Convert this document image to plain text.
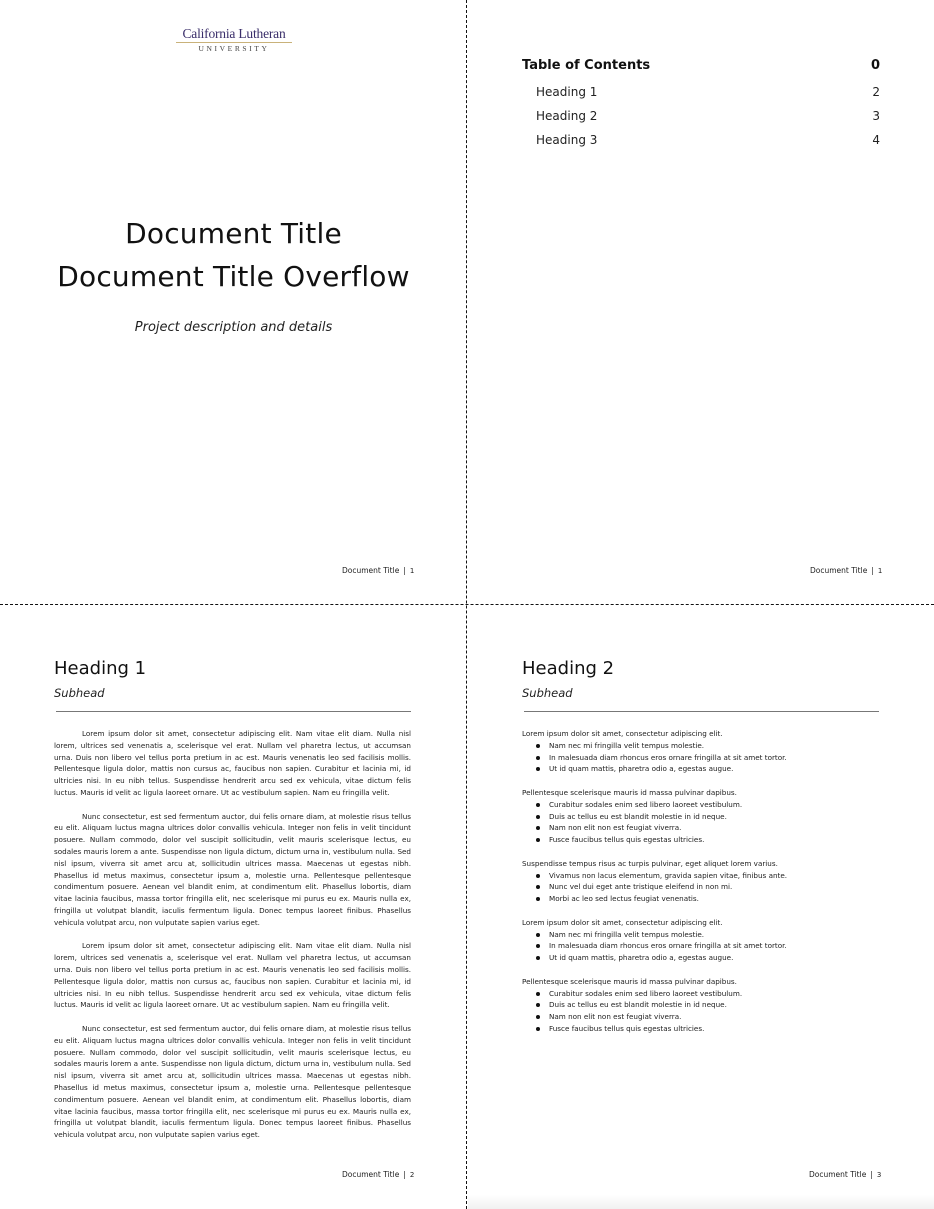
California Lutheran
UNIVERSITY
Document Title
Document Title Overflow
Project description and details
Document Title | 1
Table of Contents	0
Heading 1	2
Heading 2	3
Heading 3	4
Document Title | 1
Heading 1
Subhead

Lorem ipsum dolor sit amet, consectetur adipiscing elit. Nam vitae elit diam. Nulla nisl lorem, ultrices sed venenatis a, scelerisque vel erat. Nullam vel pharetra lectus, ut accumsan urna. Duis non libero vel tellus porta pretium in ac est. Mauris venenatis leo sed facilisis mollis. Pellentesque ligula dolor, mattis non cursus ac, faucibus non sapien. Curabitur et lacinia mi, id ultricies nisi. In eu nibh tellus. Suspendisse hendrerit arcu sed ex vehicula, vitae dictum felis luctus. Mauris id velit ac ligula laoreet ornare. Ut ac vestibulum sapien. Nam eu fringilla velit.

Nunc consectetur, est sed fermentum auctor, dui felis ornare diam, at molestie risus tellus eu elit. Aliquam luctus magna ultrices dolor convallis vehicula. Integer non felis in velit tincidunt posuere. Nullam commodo, dolor vel suscipit sollicitudin, velit mauris scelerisque lectus, eu sodales mauris lorem a ante. Suspendisse non ligula dictum, dictum urna in, vestibulum nulla. Sed nisl ipsum, viverra sit amet arcu at, sollicitudin ultrices massa. Maecenas ut egestas nibh. Phasellus id metus maximus, consectetur ipsum a, molestie urna. Pellentesque pellentesque condimentum posuere. Aenean vel blandit enim, at condimentum elit. Phasellus lobortis, diam vitae lacinia faucibus, massa tortor fringilla elit, nec scelerisque mi purus eu ex. Mauris nulla ex, fringilla ut volutpat blandit, iaculis fermentum ligula. Donec tempus laoreet finibus. Phasellus vehicula volutpat arcu, non vulputate sapien varius eget.

Lorem ipsum dolor sit amet, consectetur adipiscing elit. Nam vitae elit diam. Nulla nisl lorem, ultrices sed venenatis a, scelerisque vel erat. Nullam vel pharetra lectus, ut accumsan urna. Duis non libero vel tellus porta pretium in ac est. Mauris venenatis leo sed facilisis mollis. Pellentesque ligula dolor, mattis non cursus ac, faucibus non sapien. Curabitur et lacinia mi, id ultricies nisi. In eu nibh tellus. Suspendisse hendrerit arcu sed ex vehicula, vitae dictum felis luctus. Mauris id velit ac ligula laoreet ornare. Ut ac vestibulum sapien. Nam eu fringilla velit.

Nunc consectetur, est sed fermentum auctor, dui felis ornare diam, at molestie risus tellus eu elit. Aliquam luctus magna ultrices dolor convallis vehicula. Integer non felis in velit tincidunt posuere. Nullam commodo, dolor vel suscipit sollicitudin, velit mauris scelerisque lectus, eu sodales mauris lorem a ante. Suspendisse non ligula dictum, dictum urna in, vestibulum nulla. Sed nisl ipsum, viverra sit amet arcu at, sollicitudin ultrices massa. Maecenas ut egestas nibh. Phasellus id metus maximus, consectetur ipsum a, molestie urna. Pellentesque pellentesque condimentum posuere. Aenean vel blandit enim, at condimentum elit. Phasellus lobortis, diam vitae lacinia faucibus, massa tortor fringilla elit, nec scelerisque mi purus eu ex. Mauris nulla ex, fringilla ut volutpat blandit, iaculis fermentum ligula. Donec tempus laoreet finibus. Phasellus vehicula volutpat arcu, non vulputate sapien varius eget.

Document Title | 2
Heading 2
Subhead
Lorem ipsum dolor sit amet, consectetur adipiscing elit.
Nam nec mi fringilla velit tempus molestie.
In malesuada diam rhoncus eros ornare fringilla at sit amet tortor.
Ut id quam mattis, pharetra odio a, egestas augue.
Pellentesque scelerisque mauris id massa pulvinar dapibus.
Curabitur sodales enim sed libero laoreet vestibulum.
Duis ac tellus eu est blandit molestie in id neque.
Nam non elit non est feugiat viverra.
Fusce faucibus tellus quis egestas ultricies.
Suspendisse tempus risus ac turpis pulvinar, eget aliquet lorem varius.
Vivamus non lacus elementum, gravida sapien vitae, finibus ante.
Nunc vel dui eget ante tristique eleifend in non mi.
Morbi ac leo sed lectus feugiat venenatis.
Lorem ipsum dolor sit amet, consectetur adipiscing elit.
Nam nec mi fringilla velit tempus molestie.
In malesuada diam rhoncus eros ornare fringilla at sit amet tortor.
Ut id quam mattis, pharetra odio a, egestas augue.
Pellentesque scelerisque mauris id massa pulvinar dapibus.
Curabitur sodales enim sed libero laoreet vestibulum.
Duis ac tellus eu est blandit molestie in id neque.
Nam non elit non est feugiat viverra.
Fusce faucibus tellus quis egestas ultricies.
Document Title | 3
